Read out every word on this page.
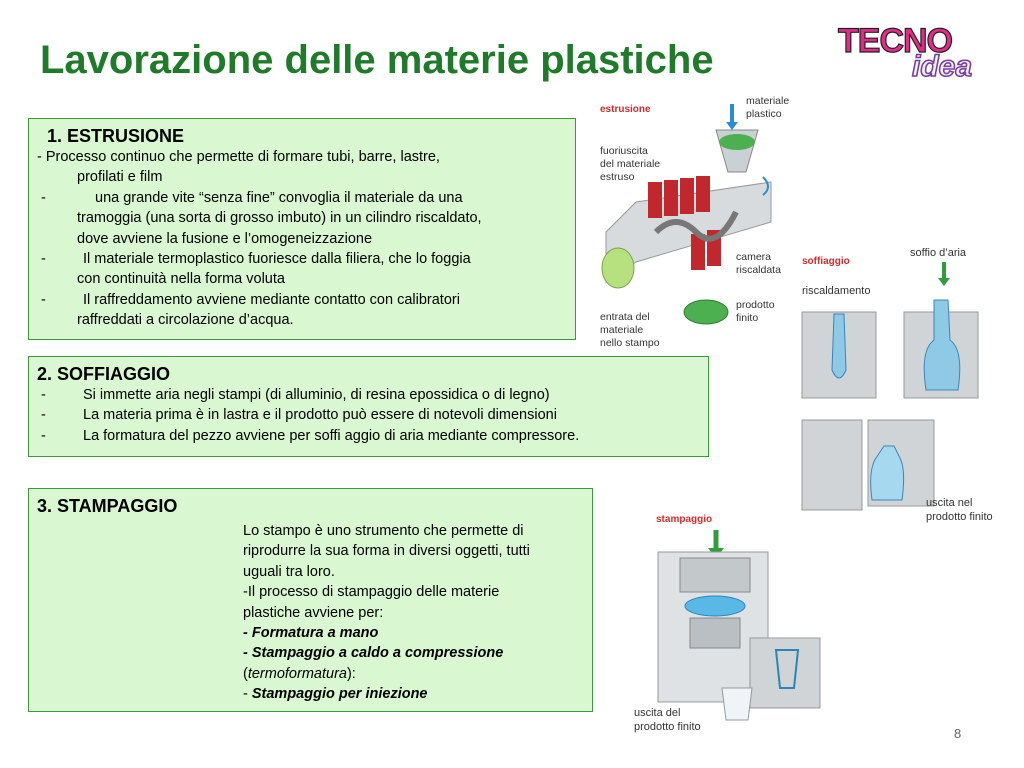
Lavorazione delle materie plastiche	TECNO
idea
1. ESTRUSIONE
- Processo continuo che permette di formare tubi, barre, lastre,
profilati e film
-	una grande vite “senza fine” convoglia il materiale da una
tramoggia (una sorta di grosso imbuto) in un cilindro riscaldato,
dove avviene la fusione e l’omogeneizzazione
-	Il materiale termoplastico fuoriesce dalla filiera, che lo foggia
con continuità nella forma voluta
-	Il raffreddamento avviene mediante contatto con calibratori
raffreddati a circolazione d’acqua.
2. SOFFIAGGIO
-	Si immette aria negli stampi (di alluminio, di resina epossidica o di legno)
-	La materia prima è in lastra e il prodotto può essere di notevoli dimensioni
-	La formatura del pezzo avviene per soffi aggio di aria mediante compressore.
3. STAMPAGGIO
Lo stampo è uno strumento che permette di
riprodurre la sua forma in diversi oggetti, tutti
uguali tra loro.
-Il processo di stampaggio delle materie
plastiche avviene per:
- Formatura a mano
- Stampaggio a caldo a compressione
(termoformatura):
- Stampaggio per iniezione
estrusione
materiale plastico
fuoriuscita del materiale estruso
camera riscaldata
prodotto finito
entrata del materiale nello stampo
soffiaggio
riscaldamento
soffio d’aria
uscita nel prodotto finito
stampaggio
uscita del prodotto finito	8
